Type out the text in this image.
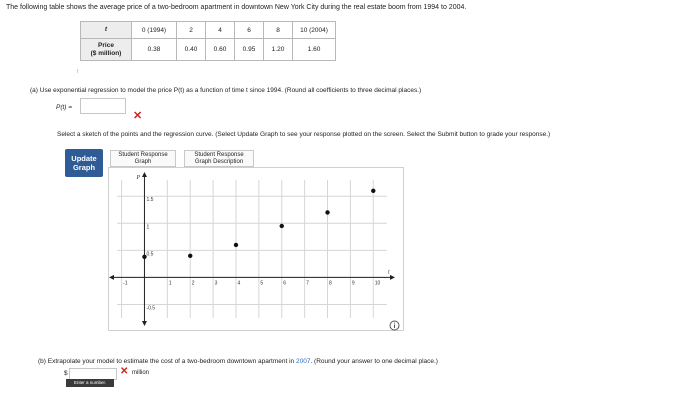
The following table shows the average price of a two-bedroom apartment in downtown New York City during the real estate boom from 1994 to 2004.
t	0 (1994)	2	4	6	8	10 (2004)
Price
($ million)	0.38	0.40	0.60	0.95	1.20	1.60
↑
(a) Use exponential regression to model the price P(t) as a function of time t since 1994. (Round all coefficients to three decimal places.)
P(t) =
✕
Select a sketch of the points and the regression curve. (Select Update Graph to see your response plotted on the screen. Select the Submit button to grade your response.)
Update
Graph
Student Response
Graph
Student Response
Graph Description
P
t
-1	1	2	3	4	5	6	7	8	9	10
1.5
1
0.5
-0.5
(b) Extrapolate your model to estimate the cost of a two-bedroom downtown apartment in 2007. (Round your answer to one decimal place.)
$	✕ million
Enter a number.
